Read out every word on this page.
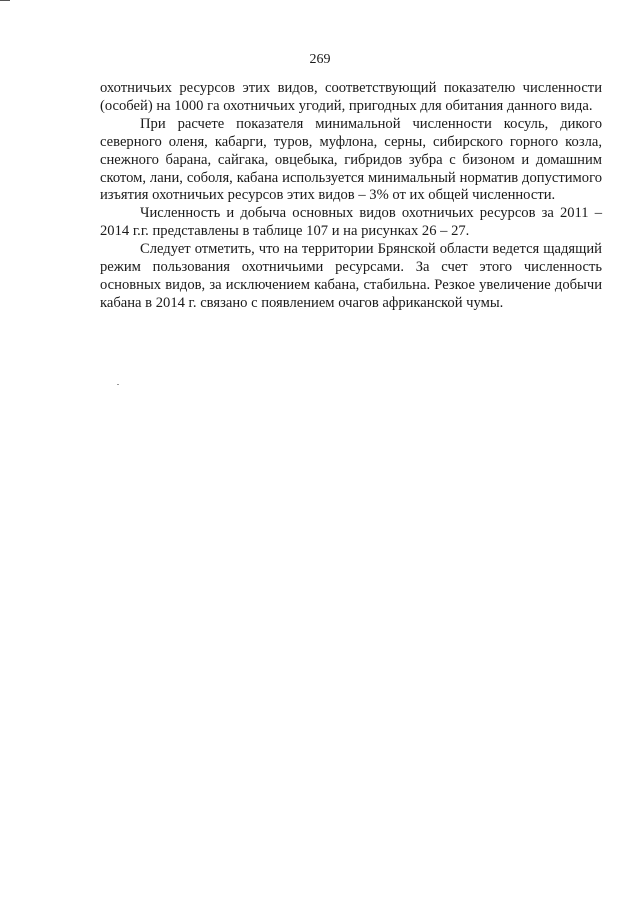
269

охотничьих ресурсов этих видов, соответствующий показателю численности (особей) на 1000 га охотничьих угодий, пригодных для обитания данного вида.

При расчете показателя минимальной численности косуль, дикого северного оленя, кабарги, туров, муфлона, серны, сибирского горного козла, снежного барана, сайгака, овцебыка, гибридов зубра с бизоном и домашним скотом, лани, соболя, кабана используется минимальный норматив допустимого изъятия охотничьих ресурсов этих видов – 3% от их общей численности.

Численность и добыча основных видов охотничьих ресурсов за 2011 – 2014 г.г. представлены в таблице 107 и на рисунках 26 – 27.

Следует отметить, что на территории Брянской области ведется щадящий режим пользования охотничьими ресурсами. За счет этого численность основных видов, за исключением кабана, стабильна. Резкое увеличение добычи кабана в 2014 г. связано с появлением очагов африканской чумы.
